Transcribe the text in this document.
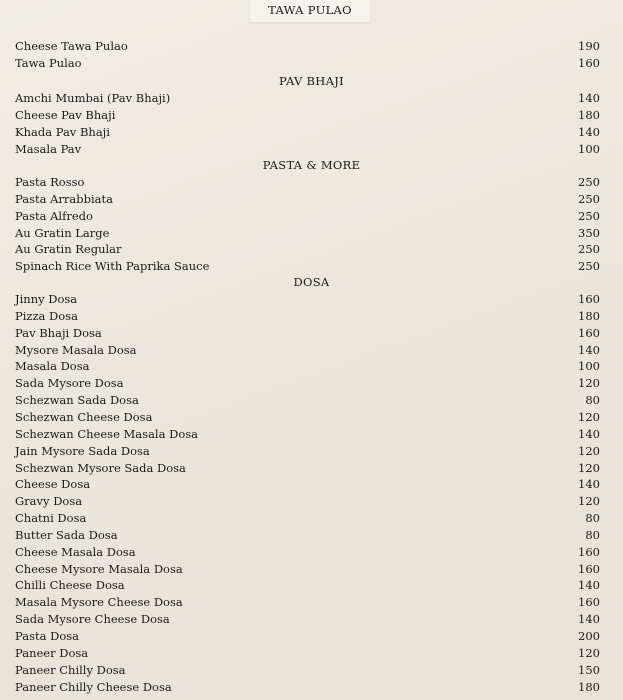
TAWA PULAO
Cheese Tawa Pulao	190
Tawa Pulao	160
PAV BHAJI
Amchi Mumbai (Pav Bhaji)	140
Cheese Pav Bhaji	180
Khada Pav Bhaji	140
Masala Pav	100
PASTA & MORE
Pasta Rosso	250
Pasta Arrabbiata	250
Pasta Alfredo	250
Au Gratin Large	350
Au Gratin Regular	250
Spinach Rice With Paprika Sauce	250
DOSA
Jinny Dosa	160
Pizza Dosa	180
Pav Bhaji Dosa	160
Mysore Masala Dosa	140
Masala Dosa	100
Sada Mysore Dosa	120
Schezwan Sada Dosa	80
Schezwan Cheese Dosa	120
Schezwan Cheese Masala Dosa	140
Jain Mysore Sada Dosa	120
Schezwan Mysore Sada Dosa	120
Cheese Dosa	140
Gravy Dosa	120
Chatni Dosa	80
Butter Sada Dosa	80
Cheese Masala Dosa	160
Cheese Mysore Masala Dosa	160
Chilli Cheese Dosa	140
Masala Mysore Cheese Dosa	160
Sada Mysore Cheese Dosa	140
Pasta Dosa	200
Paneer Dosa	120
Paneer Chilly Dosa	150
Paneer Chilly Cheese Dosa	180
